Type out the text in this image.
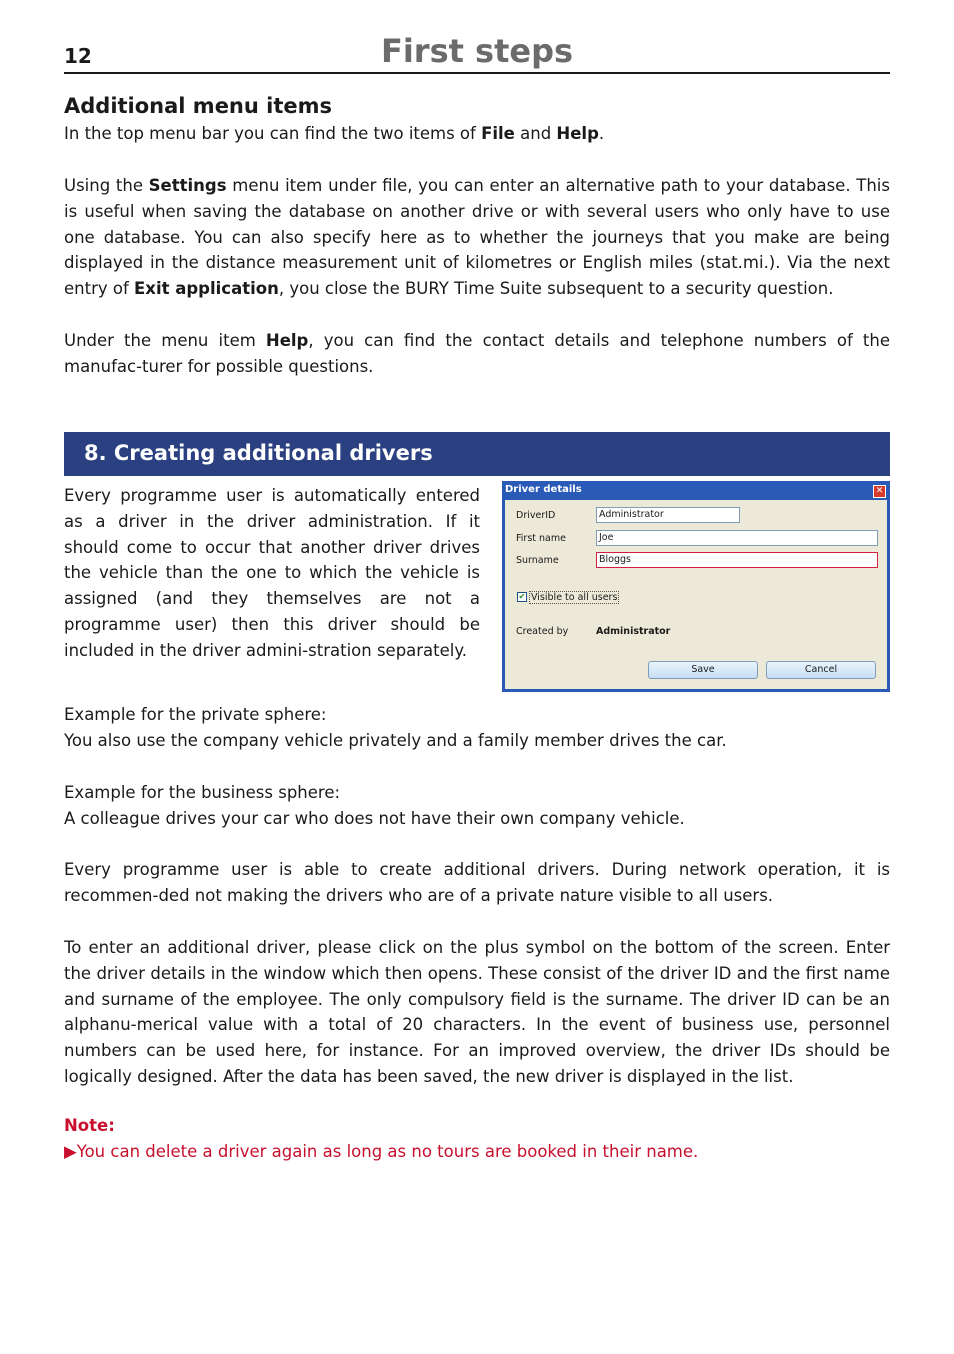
First steps
12
Additional menu items
In the top menu bar you can find the two items of File and Help.
Using the Settings menu item under file, you can enter an alternative path to your database. This is useful when saving the database on another drive or with several users who only have to use one database. You can also specify here as to whether the journeys that you make are being displayed in the distance measurement unit of kilometres or English miles (stat.mi.). Via the next entry of Exit application, you close the BURY Time Suite subsequent to a security question.
Under the menu item Help, you can find the contact details and telephone numbers of the manufac-turer for possible questions.
8. Creating additional drivers
Every programme user is automatically entered as a driver in the driver administration. If it should come to occur that another driver drives the vehicle than the one to which the vehicle is assigned (and they themselves are not a programme user) then this driver should be included in the driver admini-stration separately.
Driver details	✕
DriverID	Administrator
First name	Joe
Surname	Bloggs
✔ Visible to all users
Created by	Administrator
Save	Cancel
Example for the private sphere:
You also use the company vehicle privately and a family member drives the car.
Example for the business sphere:
A colleague drives your car who does not have their own company vehicle.
Every programme user is able to create additional drivers. During network operation, it is recommen-ded not making the drivers who are of a private nature visible to all users.
To enter an additional driver, please click on the plus symbol on the bottom of the screen. Enter the driver details in the window which then opens. These consist of the driver ID and the first name and surname of the employee. The only compulsory field is the surname. The driver ID can be an alphanu-merical value with a total of 20 characters. In the event of business use, personnel numbers can be used here, for instance. For an improved overview, the driver IDs should be logically designed. After the data has been saved, the new driver is displayed in the list.
Note:
▶You can delete a driver again as long as no tours are booked in their name.
